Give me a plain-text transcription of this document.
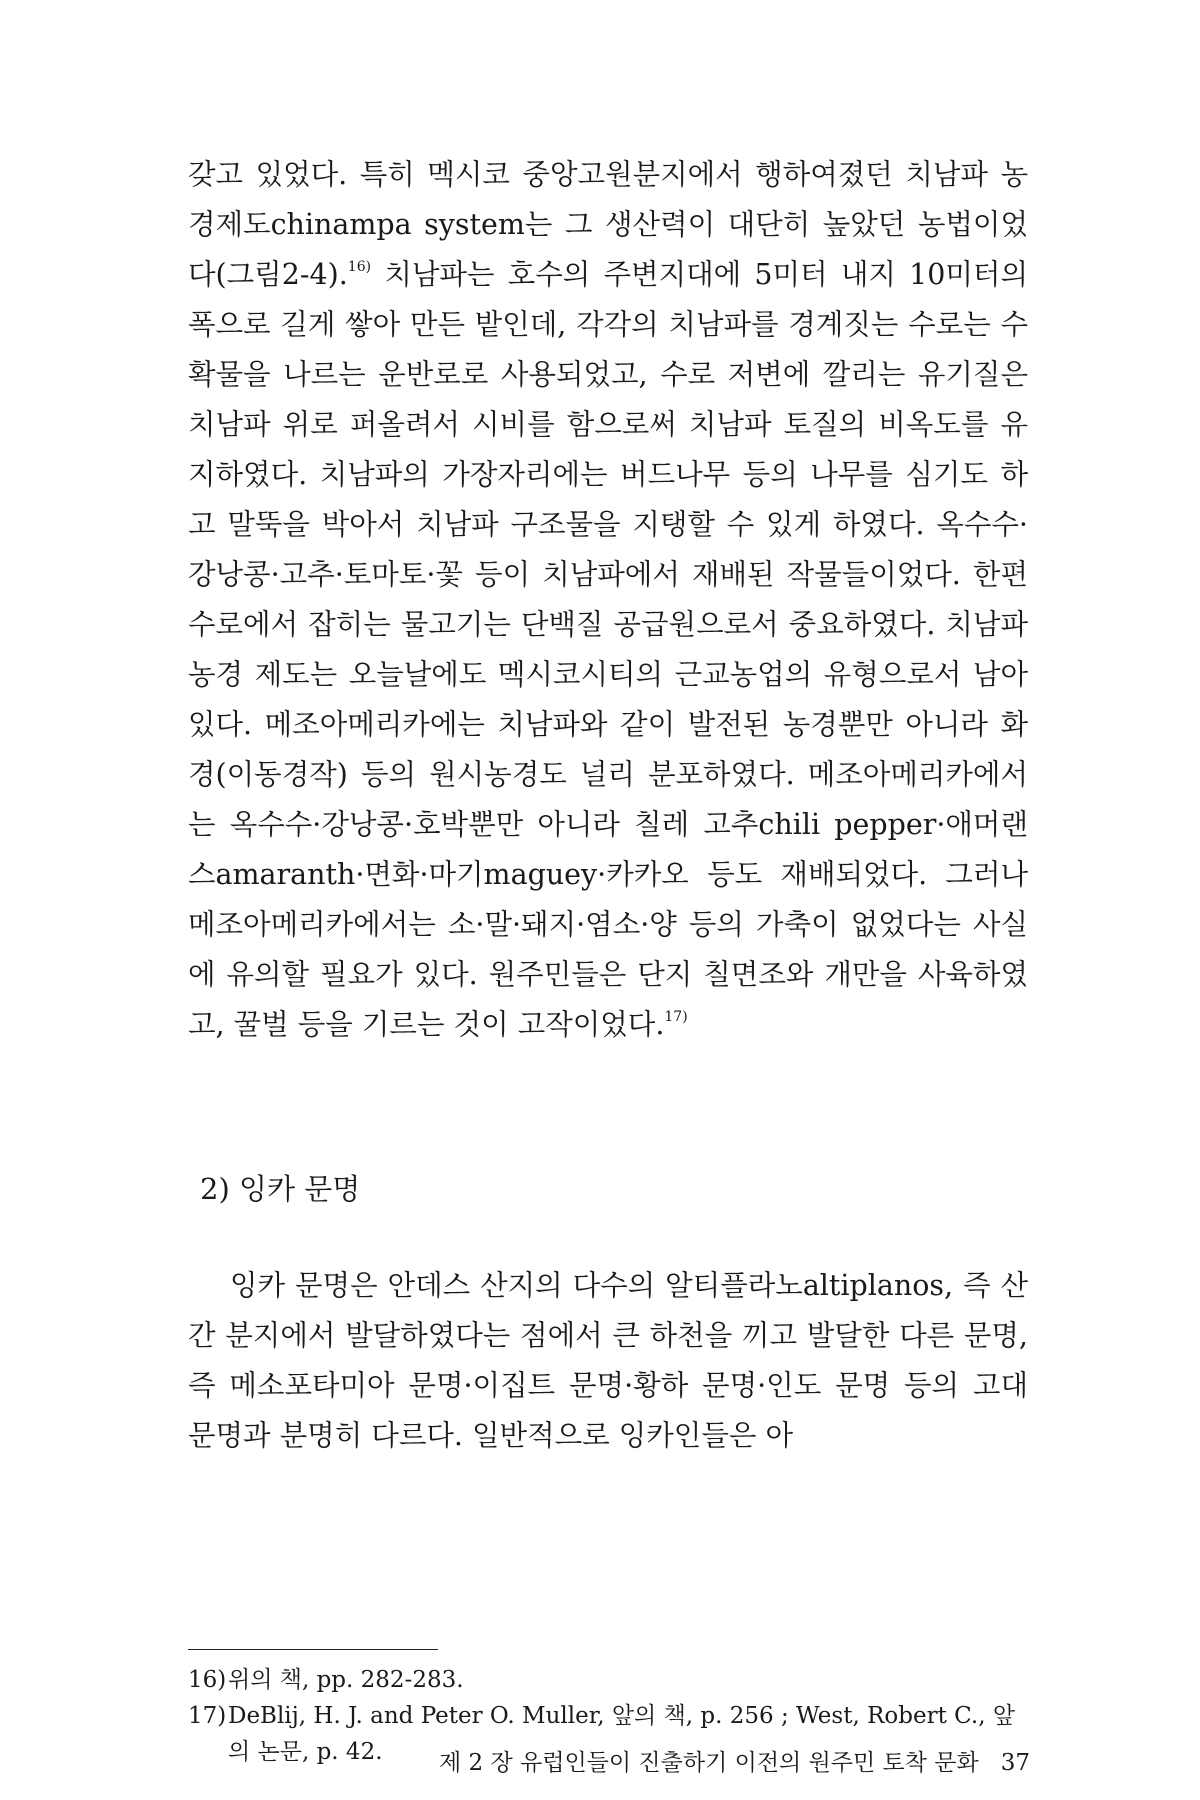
갖고 있었다. 특히 멕시코 중앙고원분지에서 행하여졌던 치남파 농경제도chinampa system는 그 생산력이 대단히 높았던 농법이었다(그림2-4).$^{16)}$ 치남파는 호수의 주변지대에 5미터 내지 10미터의 폭으로 길게 쌓아 만든 밭인데, 각각의 치남파를 경계짓는 수로는 수확물을 나르는 운반로로 사용되었고, 수로 저변에 깔리는 유기질은 치남파 위로 퍼올려서 시비를 함으로써 치남파 토질의 비옥도를 유지하였다. 치남파의 가장자리에는 버드나무 등의 나무를 심기도 하고 말뚝을 박아서 치남파 구조물을 지탱할 수 있게 하였다. 옥수수·강낭콩·고추·토마토·꽃 등이 치남파에서 재배된 작물들이었다. 한편 수로에서 잡히는 물고기는 단백질 공급원으로서 중요하였다. 치남파 농경 제도는 오늘날에도 멕시코시티의 근교농업의 유형으로서 남아 있다. 메조아메리카에는 치남파와 같이 발전된 농경뿐만 아니라 화경(이동경작) 등의 원시농경도 널리 분포하였다. 메조아메리카에서는 옥수수·강낭콩·호박뿐만 아니라 칠레 고추chili pepper·애머랜스amaranth·면화·마기maguey·카카오 등도 재배되었다. 그러나 메조아메리카에서는 소·말·돼지·염소·양 등의 가축이 없었다는 사실에 유의할 필요가 있다. 원주민들은 단지 칠면조와 개만을 사육하였고, 꿀벌 등을 기르는 것이 고작이었다.$^{17)}$

2) 잉카 문명

잉카 문명은 안데스 산지의 다수의 알티플라노altiplanos, 즉 산간 분지에서 발달하였다는 점에서 큰 하천을 끼고 발달한 다른 문명, 즉 메소포타미아 문명·이집트 문명·황하 문명·인도 문명 등의 고대 문명과 분명히 다르다. 일반적으로 잉카인들은 아

16) 위의 책, pp. 282-283.
17) DeBlij, H. J. and Peter O. Muller, 앞의 책, p. 256 ; West, Robert C., 앞의 논문, p. 42.	제 2 장 유럽인들이 진출하기 이전의 원주민 토착 문화 37
